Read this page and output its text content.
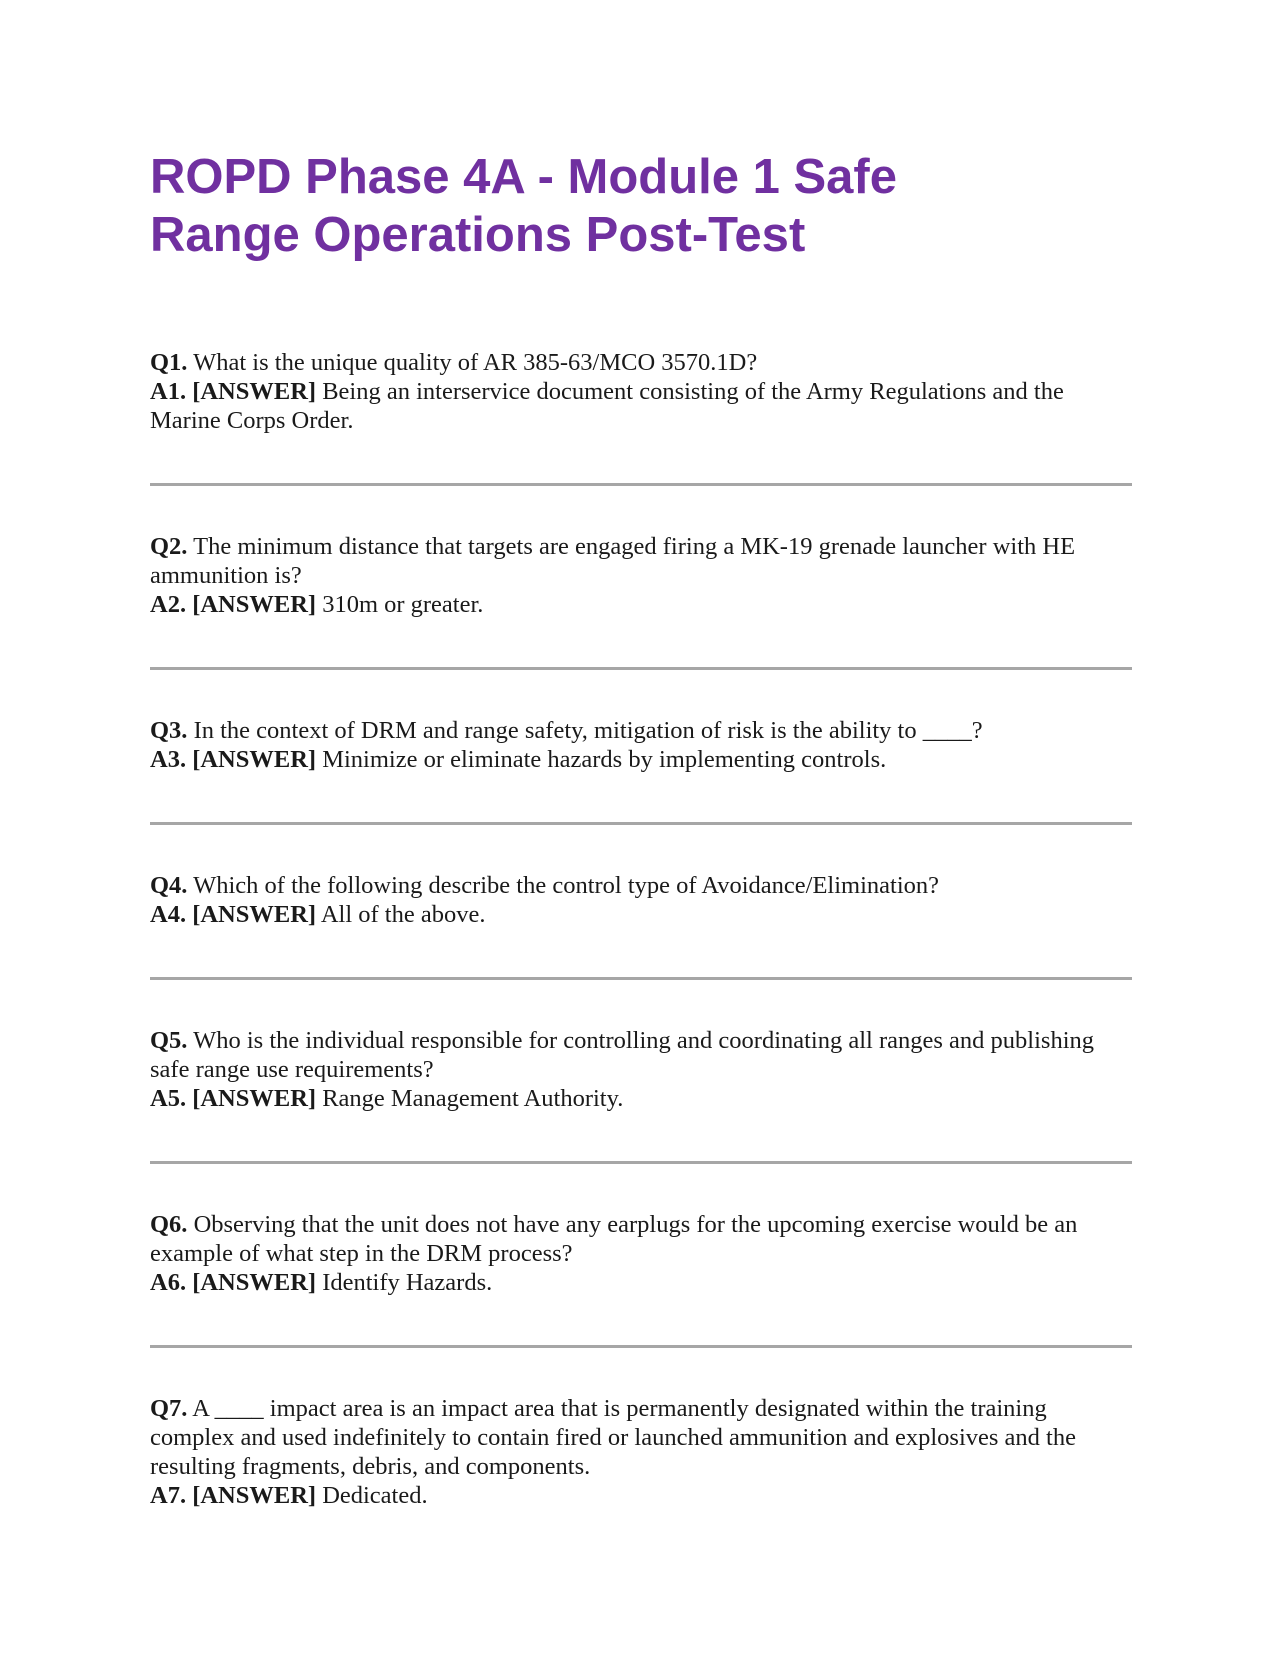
ROPD Phase 4A - Module 1 Safe
Range Operations Post-Test

Q1. What is the unique quality of AR 385-63/MCO 3570.1D?

A1. [ANSWER] Being an interservice document consisting of the Army Regulations and the Marine Corps Order.

Q2. The minimum distance that targets are engaged firing a MK-19 grenade launcher with HE ammunition is?

A2. [ANSWER] 310m or greater.

Q3. In the context of DRM and range safety, mitigation of risk is the ability to ____?

A3. [ANSWER] Minimize or eliminate hazards by implementing controls.

Q4. Which of the following describe the control type of Avoidance/Elimination?

A4. [ANSWER] All of the above.

Q5. Who is the individual responsible for controlling and coordinating all ranges and publishing safe range use requirements?

A5. [ANSWER] Range Management Authority.

Q6. Observing that the unit does not have any earplugs for the upcoming exercise would be an example of what step in the DRM process?

A6. [ANSWER] Identify Hazards.

Q7. A ____ impact area is an impact area that is permanently designated within the training complex and used indefinitely to contain fired or launched ammunition and explosives and the resulting fragments, debris, and components.

A7. [ANSWER] Dedicated.
